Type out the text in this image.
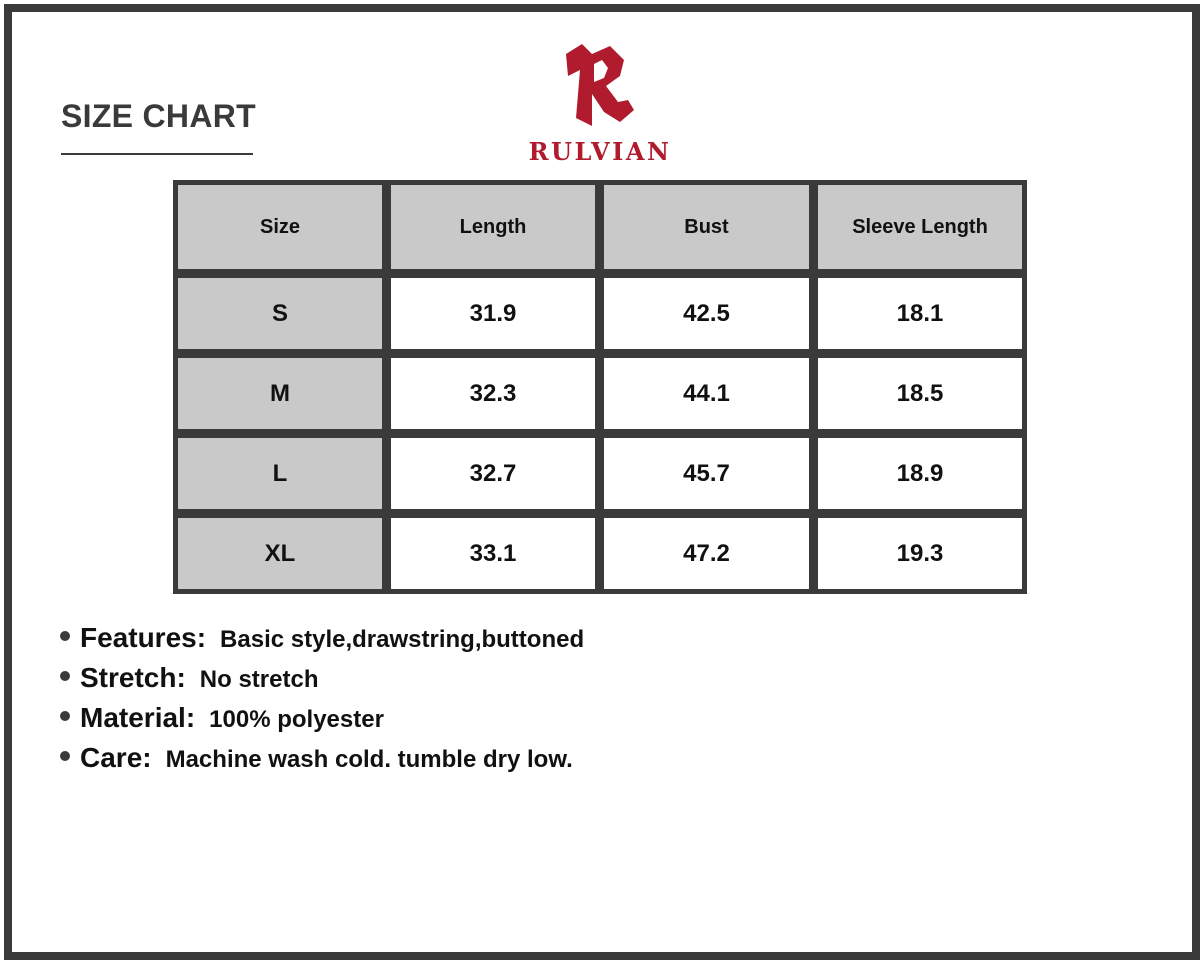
SIZE CHART
RULVIAN
Size	Length	Bust	Sleeve Length
S	31.9	42.5	18.1
M	32.3	44.1	18.5
L	32.7	45.7	18.9
XL	33.1	47.2	19.3
Features: Basic style,drawstring,buttoned
Stretch: No stretch
Material: 100% polyester
Care: Machine wash cold. tumble dry low.
